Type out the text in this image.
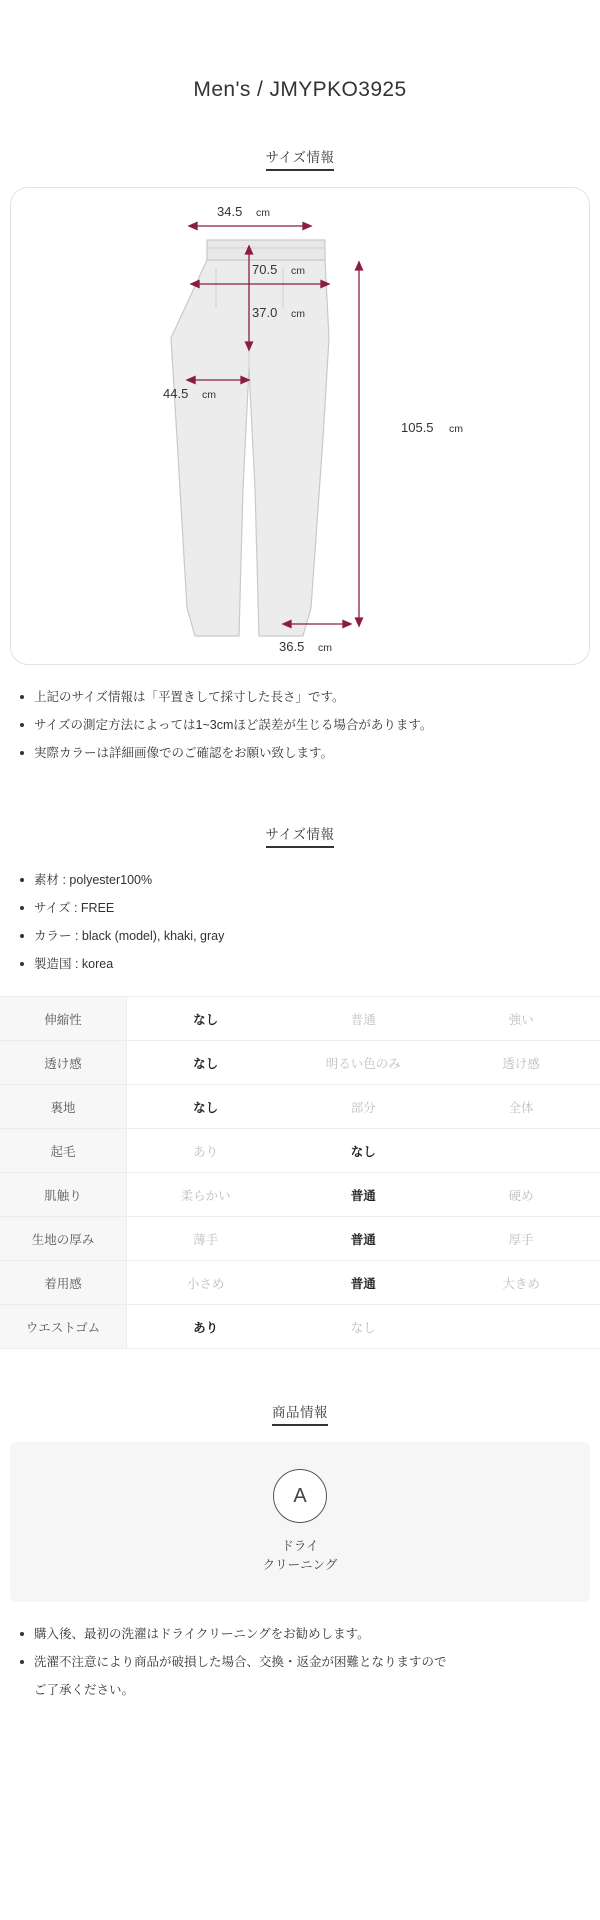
Men's / JMYPKO3925
サイズ情報
34.5 cm
70.5 cm
37.0 cm
44.5 cm
105.5 cm
36.5 cm
上記のサイズ情報は「平置きして採寸した長さ」です。
サイズの測定方法によっては1~3cmほど誤差が生じる場合があります。
実際カラーは詳細画像でのご確認をお願い致します。
サイズ情報
素材 : polyester100%
サイズ : FREE
カラー : black (model), khaki, gray
製造国 : korea
伸縮性	なし	普通	強い
透け感	なし	明るい色のみ	透け感
裏地	なし	部分	全体
起毛	あり	なし	
肌触り	柔らかい	普通	硬め
生地の厚み	薄手	普通	厚手
着用感	小さめ	普通	大きめ
ウエストゴム	あり	なし	
商品情報
A
ドライ
クリーニング
購入後、最初の洗濯はドライクリーニングをお勧めします。
洗濯不注意により商品が破損した場合、交換・返金が困難となりますので
ご了承ください。
